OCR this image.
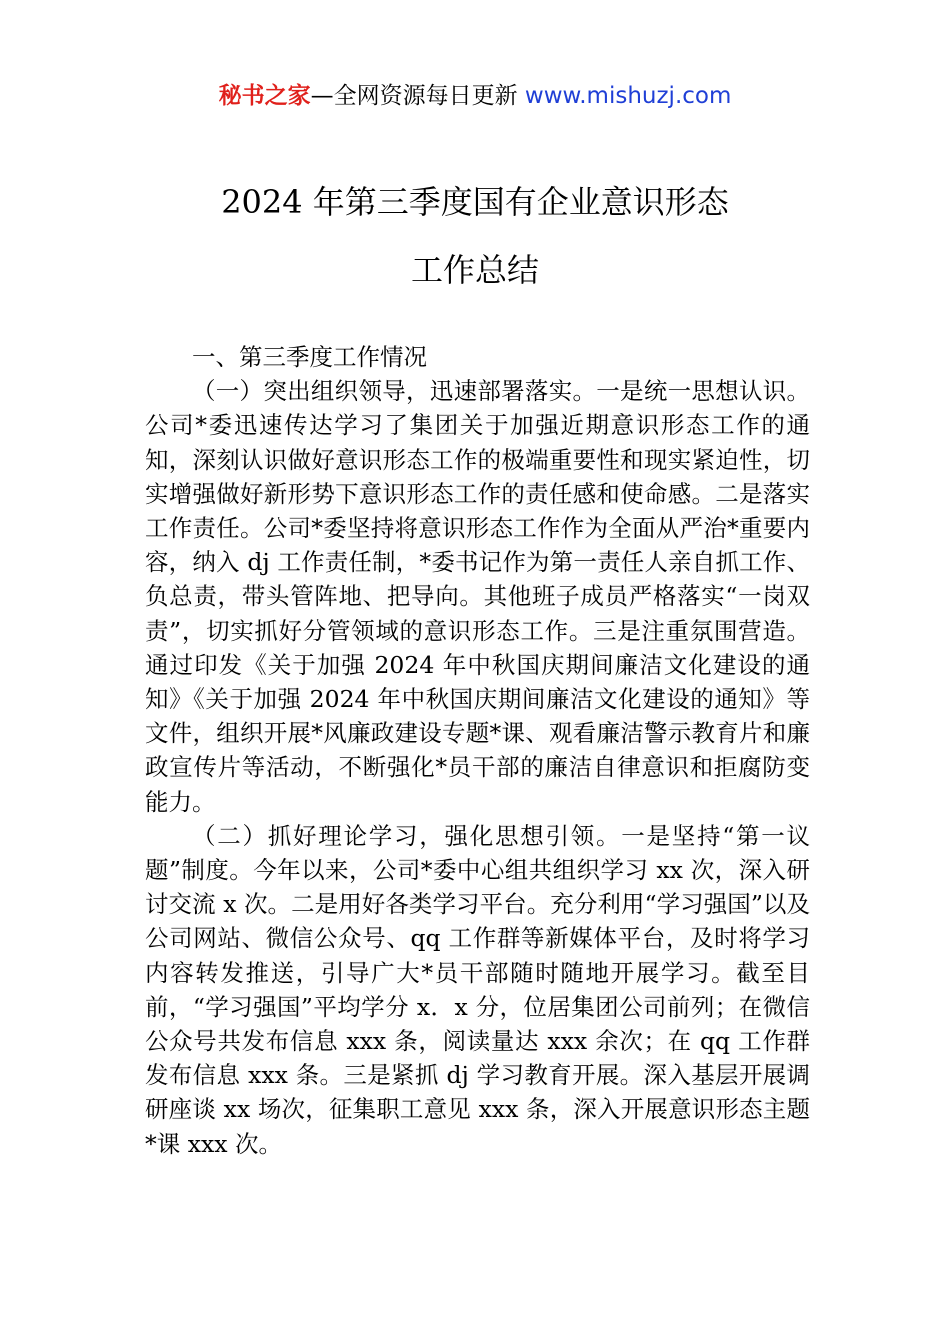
秘书之家—全网资源每日更新 www.mishuzj.com
2024 年第三季度国有企业意识形态
工作总结

一、第三季度工作情况

（一）突出组织领导，迅速部署落实。一是统一思想认识。公司*委迅速传达学习了集团关于加强近期意识形态工作的通知，深刻认识做好意识形态工作的极端重要性和现实紧迫性，切实增强做好新形势下意识形态工作的责任感和使命感。二是落实工作责任。公司*委坚持将意识形态工作作为全面从严治*重要内容，纳入 dj 工作责任制，*委书记作为第一责任人亲自抓工作、负总责，带头管阵地、把导向。其他班子成员严格落实“一岗双责”，切实抓好分管领域的意识形态工作。三是注重氛围营造。通过印发《关于加强 2024 年中秋国庆期间廉洁文化建设的通知》《关于加强 2024 年中秋国庆期间廉洁文化建设的通知》等文件，组织开展*风廉政建设专题*课、观看廉洁警示教育片和廉政宣传片等活动，不断强化*员干部的廉洁自律意识和拒腐防变能力。

（二）抓好理论学习，强化思想引领。一是坚持“第一议题”制度。今年以来，公司*委中心组共组织学习 xx 次，深入研讨交流 x 次。二是用好各类学习平台。充分利用“学习强国”以及公司网站、微信公众号、qq 工作群等新媒体平台，及时将学习内容转发推送，引导广大*员干部随时随地开展学习。截至目前，“学习强国”平均学分 x．x 分，位居集团公司前列；在微信公众号共发布信息 xxx 条，阅读量达 xxx 余次；在 qq 工作群发布信息 xxx 条。三是紧抓 dj 学习教育开展。深入基层开展调研座谈 xx 场次，征集职工意见 xxx 条，深入开展意识形态主题*课 xxx 次。
